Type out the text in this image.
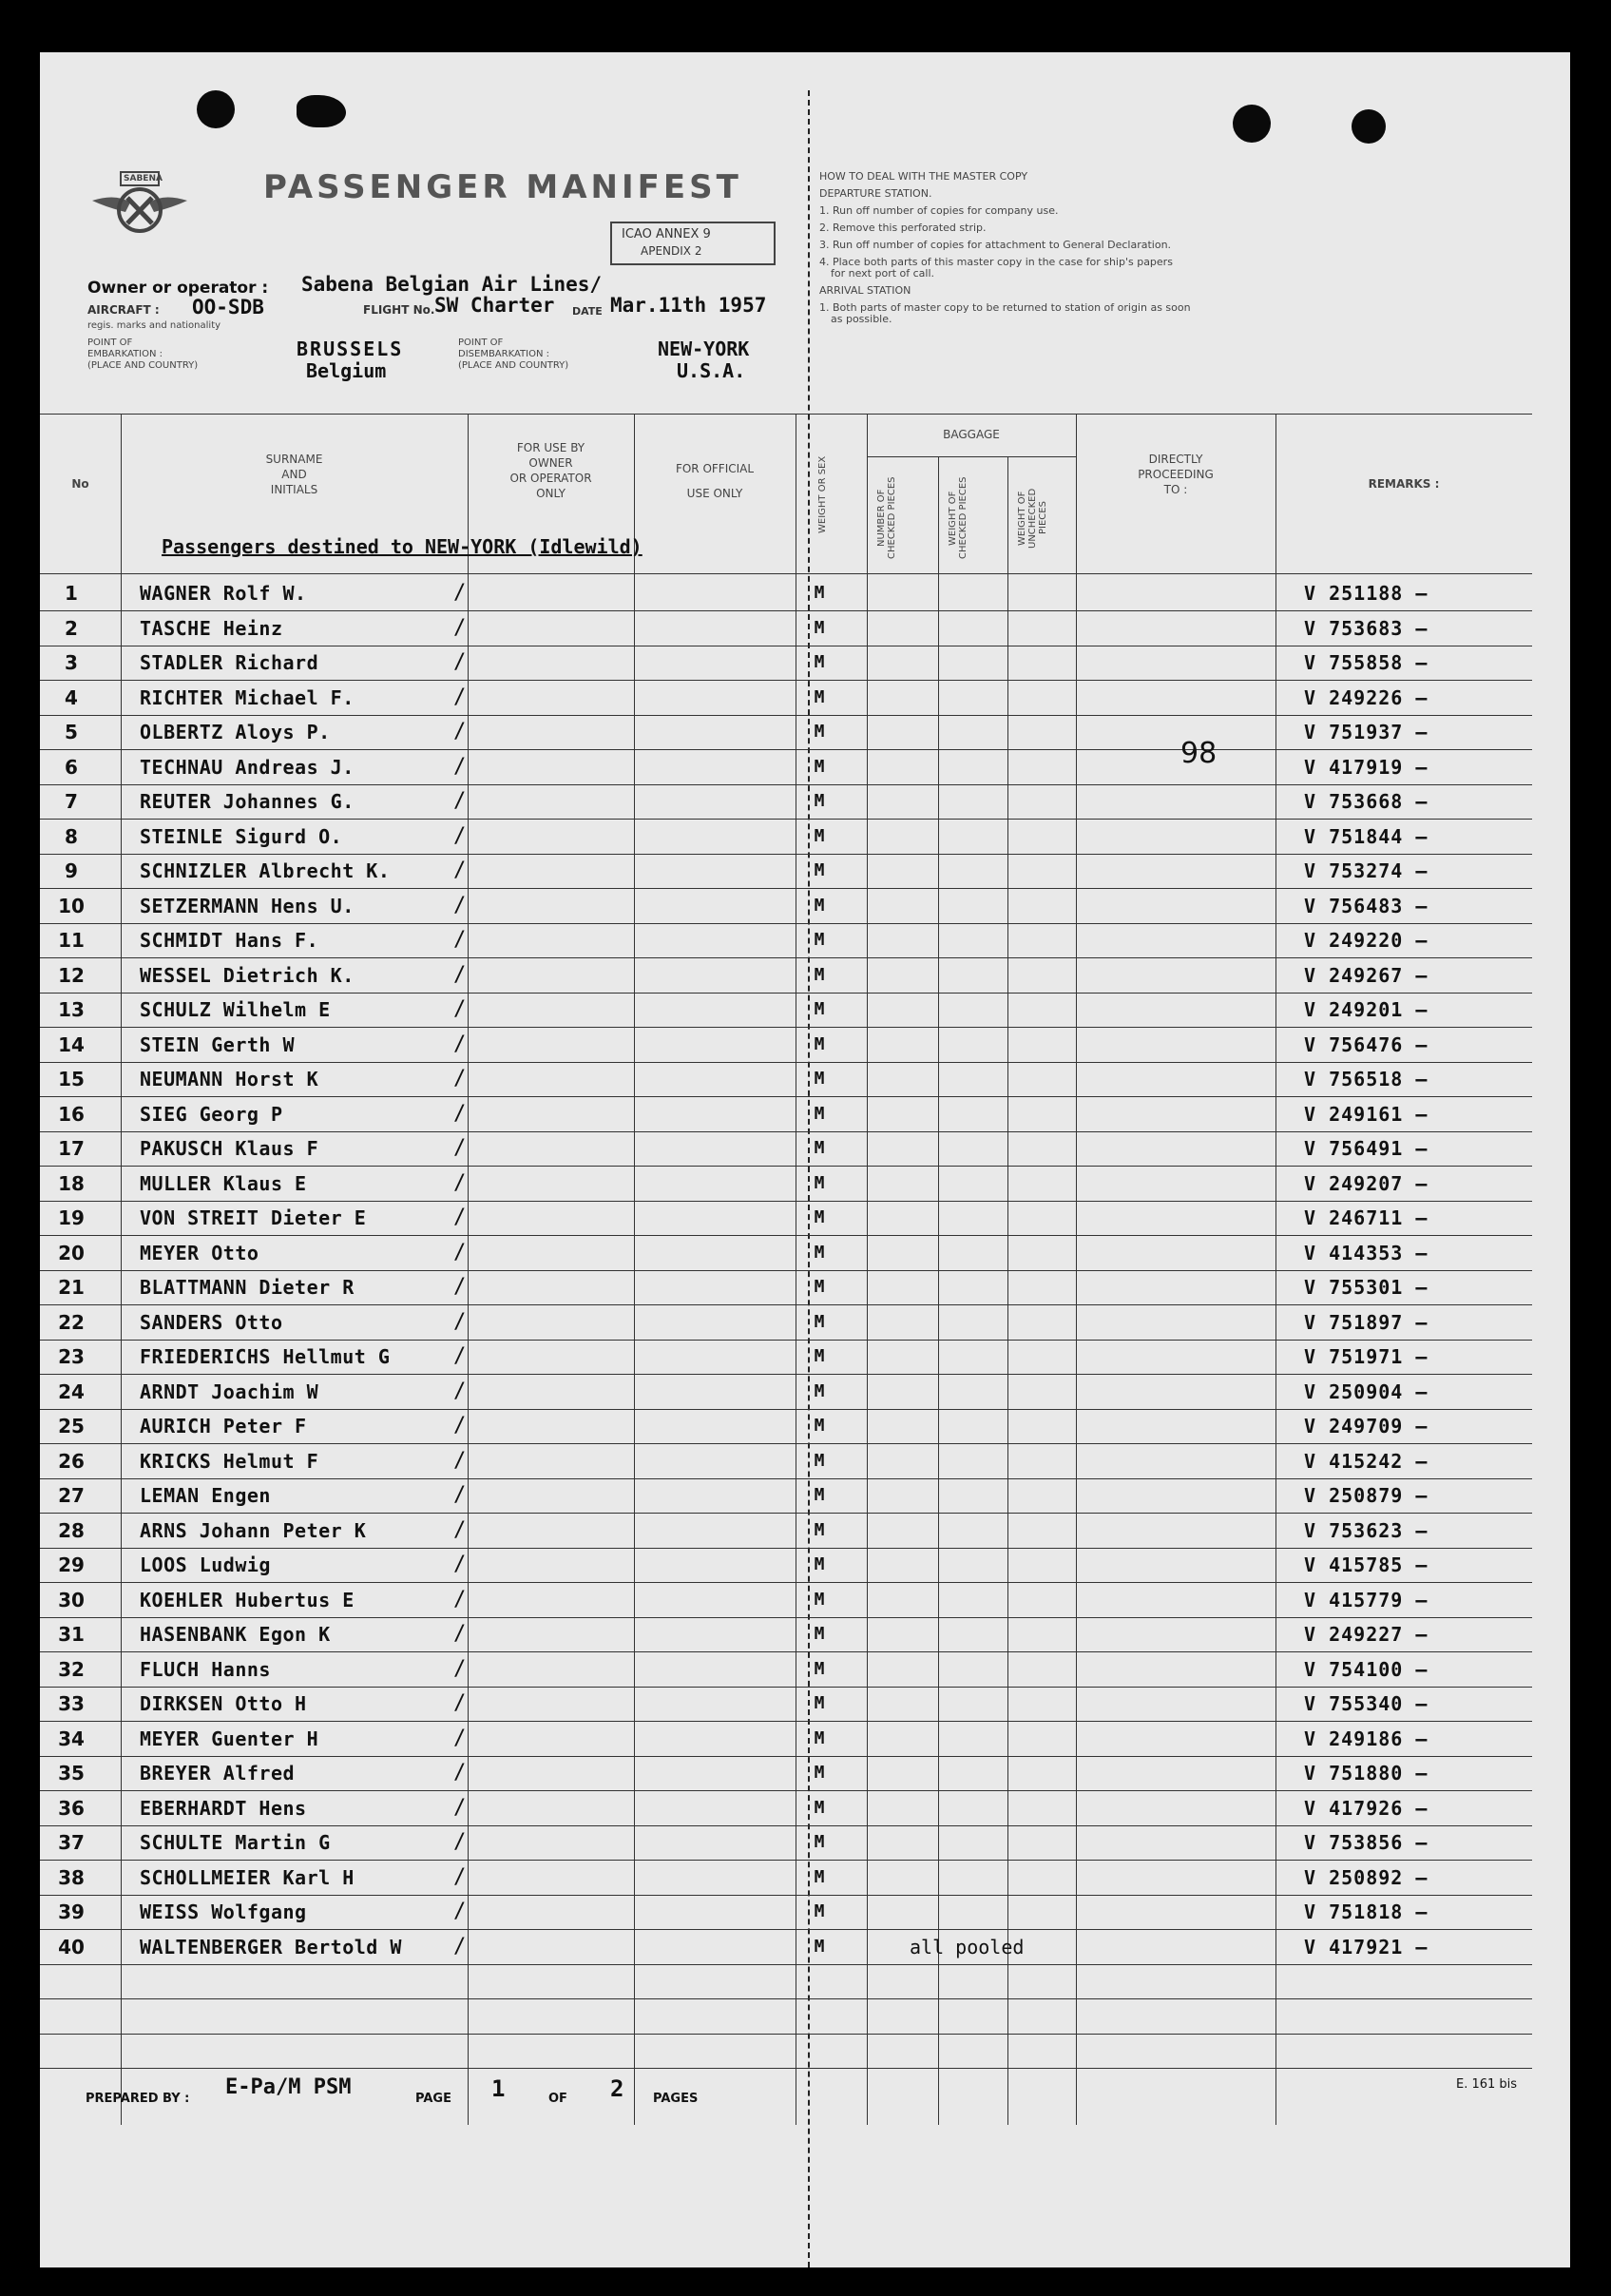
SABENA	PASSENGER MANIFEST
ICAO ANNEX 9
APENDIX 2
Owner or operator : Sabena Belgian Air Lines/
AIRCRAFT : OO-SDB	FLIGHT No. SW Charter DATE Mar.11th 1957
regis. marks and nationality
POINT OF
EMBARKATION :
(PLACE AND COUNTRY)
BRUSSELS
Belgium
POINT OF
DISEMBARKATION :
(PLACE AND COUNTRY)
NEW-YORK
U.S.A.
HOW TO DEAL WITH THE MASTER COPY
DEPARTURE STATION.
1. Run off number of copies for company use.
2. Remove this perforated strip.
3. Run off number of copies for attachment to General Declaration.
4. Place both parts of this master copy in the case for ship's papers
for next port of call.
ARRIVAL STATION
1. Both parts of master copy to be returned to station of origin as soon
as possible.
No
SURNAME
AND
INITIALS
FOR USE BY
OWNER
OR OPERATOR
ONLY
FOR OFFICIAL
USE ONLY	WEIGHT OR SEX
BAGGAGE
NUMBER OF CHECKED PIECES	WEIGHT OF CHECKED PIECES	WEIGHT OF UNCHECKED PIECES
DIRECTLY
PROCEEDING
TO :	REMARKS :
Passengers destined to NEW-YORK (Idlewild)
1	WAGNER Rolf W.	/	M	V 251188 —
2	TASCHE Heinz	/	M	V 753683 —
3	STADLER Richard	/	M	V 755858 —
4	RICHTER Michael F.	/	M	V 249226 —
5	OLBERTZ Aloys P.	/	M	V 751937 —
6	TECHNAU Andreas J.	/	M	V 417919 —
7	REUTER Johannes G.	/	M	V 753668 —
8	STEINLE Sigurd O.	/	M	V 751844 —
9	SCHNIZLER Albrecht K.	/	M	V 753274 —
10	SETZERMANN Hens U.	/	M	V 756483 —
11	SCHMIDT Hans F.	/	M	V 249220 —
12	WESSEL Dietrich K.	/	M	V 249267 —
13	SCHULZ Wilhelm E	/	M	V 249201 —
14	STEIN Gerth W	/	M	V 756476 —
15	NEUMANN Horst K	/	M	V 756518 —
16	SIEG Georg P	/	M	V 249161 —
17	PAKUSCH Klaus F	/	M	V 756491 —
18	MULLER Klaus E	/	M	V 249207 —
19	VON STREIT Dieter E	/	M	V 246711 —
20	MEYER Otto	/	M	V 414353 —
21	BLATTMANN Dieter R	/	M	V 755301 —
22	SANDERS Otto	/	M	V 751897 —
23	FRIEDERICHS Hellmut G	/	M	V 751971 —
24	ARNDT Joachim W	/	M	V 250904 —
25	AURICH Peter F	/	M	V 249709 —
26	KRICKS Helmut F	/	M	V 415242 —
27	LEMAN Engen	/	M	V 250879 —
28	ARNS Johann Peter K	/	M	V 753623 —
29	LOOS Ludwig	/	M	V 415785 —
30	KOEHLER Hubertus E	/	M	V 415779 —
31	HASENBANK Egon K	/	M	V 249227 —
32	FLUCH Hanns	/	M	V 754100 —
33	DIRKSEN Otto H	/	M	V 755340 —
34	MEYER Guenter H	/	M	V 249186 —
35	BREYER Alfred	/	M	V 751880 —
36	EBERHARDT Hens	/	M	V 417926 —
37	SCHULTE Martin G	/	M	V 753856 —
38	SCHOLLMEIER Karl H	/	M	V 250892 —
39	WEISS Wolfgang	/	M	V 751818 —
40	WALTENBERGER Bertold W /	M	all pooled	V 417921 —
98
PREPARED BY : E-Pa/M PSM	PAGE 1	OF 2 PAGES
E. 161 bis
